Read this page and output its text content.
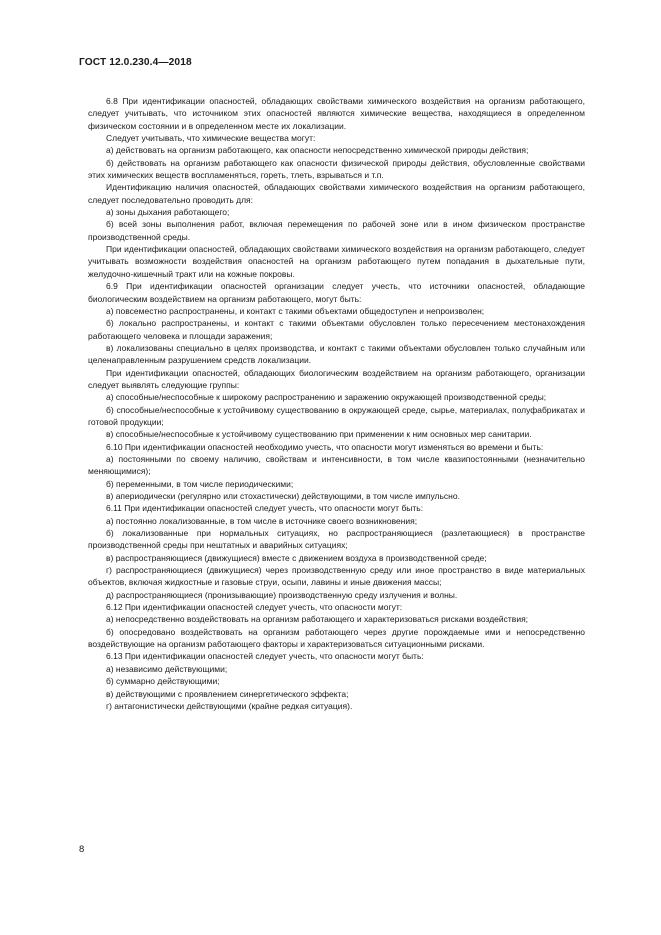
ГОСТ 12.0.230.4—2018

6.8 При идентификации опасностей, обладающих свойствами химического воздействия на организм работающего, следует учитывать, что источником этих опасностей являются химические вещества, находящиеся в определенном физическом состоянии и в определенном месте их локализации.

Следует учитывать, что химические вещества могут:

а) действовать на организм работающего, как опасности непосредственно химической природы действия;

б) действовать на организм работающего как опасности физической природы действия, обусловленные свойствами этих химических веществ воспламеняться, гореть, тлеть, взрываться и т.п.

Идентификацию наличия опасностей, обладающих свойствами химического воздействия на организм работающего, следует последовательно проводить для:

а) зоны дыхания работающего;

б) всей зоны выполнения работ, включая перемещения по рабочей зоне или в ином физическом пространстве производственной среды.

При идентификации опасностей, обладающих свойствами химического воздействия на организм работающего, следует учитывать возможности воздействия опасностей на организм работающего путем попадания в дыхательные пути, желудочно-кишечный тракт или на кожные покровы.

6.9 При идентификации опасностей организации следует учесть, что источники опасностей, обладающие биологическим воздействием на организм работающего, могут быть:

а) повсеместно распространены, и контакт с такими объектами общедоступен и непроизволен;

б) локально распространены, и контакт с такими объектами обусловлен только пересечением местонахождения работающего человека и площади заражения;

в) локализованы специально в целях производства, и контакт с такими объектами обусловлен только случайным или целенаправленным разрушением средств локализации.

При идентификации опасностей, обладающих биологическим воздействием на организм работающего, организации следует выявлять следующие группы:

а) способные/неспособные к широкому распространению и заражению окружающей производственной среды;

б) способные/неспособные к устойчивому существованию в окружающей среде, сырье, материалах, полуфабрикатах и готовой продукции;

в) способные/неспособные к устойчивому существованию при применении к ним основных мер санитарии.

6.10 При идентификации опасностей необходимо учесть, что опасности могут изменяться во времени и быть:

а) постоянными по своему наличию, свойствам и интенсивности, в том числе квазипостоянными (незначительно меняющимися);

б) переменными, в том числе периодическими;

в) апериодически (регулярно или стохастически) действующими, в том числе импульсно.

6.11 При идентификации опасностей следует учесть, что опасности могут быть:

а) постоянно локализованные, в том числе в источнике своего возникновения;

б) локализованные при нормальных ситуациях, но распространяющиеся (разлетающиеся) в пространстве производственной среды при нештатных и аварийных ситуациях;

в) распространяющиеся (движущиеся) вместе с движением воздуха в производственной среде;

г) распространяющиеся (движущиеся) через производственную среду или иное пространство в виде материальных объектов, включая жидкостные и газовые струи, осыпи, лавины и иные движения массы;

д) распространяющиеся (пронизывающие) производственную среду излучения и волны.

6.12 При идентификации опасностей следует учесть, что опасности могут:

а) непосредственно воздействовать на организм работающего и характеризоваться рисками воздействия;

б) опосредовано воздействовать на организм работающего через другие порождаемые ими и непосредственно воздействующие на организм работающего факторы и характеризоваться ситуационными рисками.

6.13 При идентификации опасностей следует учесть, что опасности могут быть:

а) независимо действующими;

б) суммарно действующими;

в) действующими с проявлением синергетического эффекта;

г) антагонистически действующими (крайне редкая ситуация).

8
